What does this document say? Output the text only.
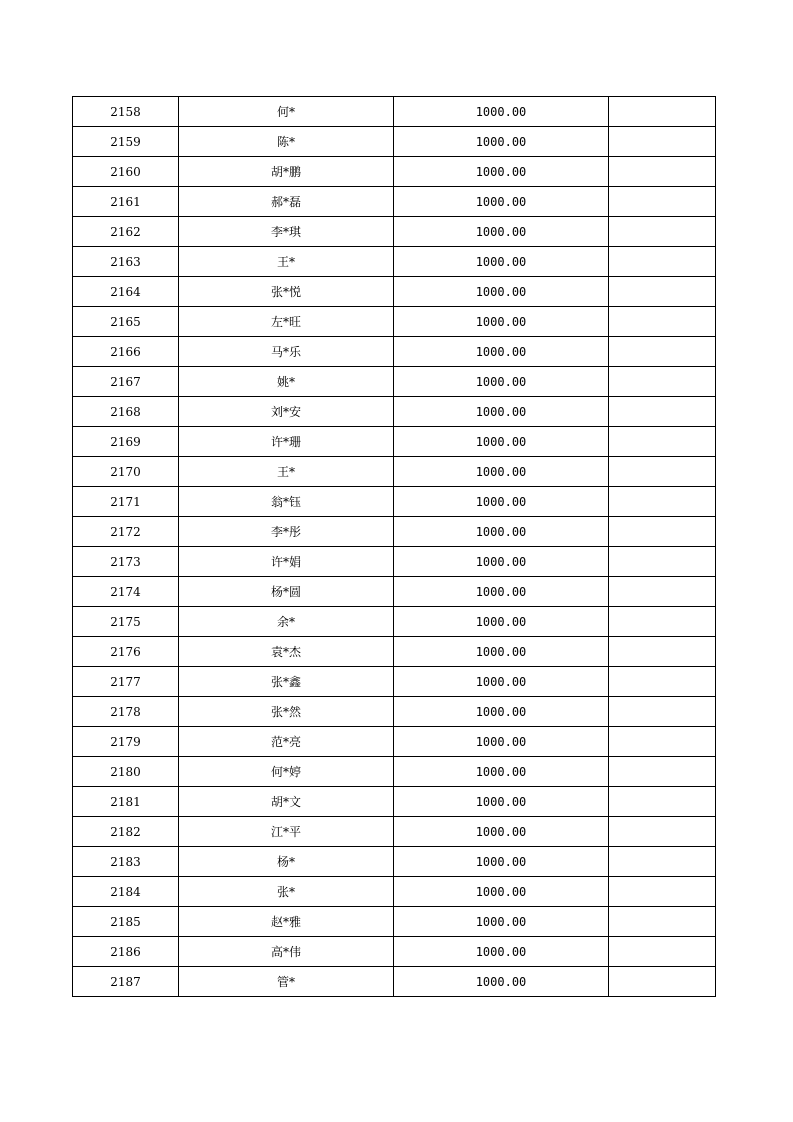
2158	何*	1000.00	
2159	陈*	1000.00	
2160	胡*鹏	1000.00	
2161	郝*磊	1000.00	
2162	李*琪	1000.00	
2163	王*	1000.00	
2164	张*悦	1000.00	
2165	左*旺	1000.00	
2166	马*乐	1000.00	
2167	姚*	1000.00	
2168	刘*安	1000.00	
2169	许*珊	1000.00	
2170	王*	1000.00	
2171	翁*钰	1000.00	
2172	李*彤	1000.00	
2173	许*娟	1000.00	
2174	杨*圆	1000.00	
2175	余*	1000.00	
2176	袁*杰	1000.00	
2177	张*鑫	1000.00	
2178	张*然	1000.00	
2179	范*亮	1000.00	
2180	何*婷	1000.00	
2181	胡*文	1000.00	
2182	江*平	1000.00	
2183	杨*	1000.00	
2184	张*	1000.00	
2185	赵*雅	1000.00	
2186	高*伟	1000.00	
2187	管*	1000.00	
